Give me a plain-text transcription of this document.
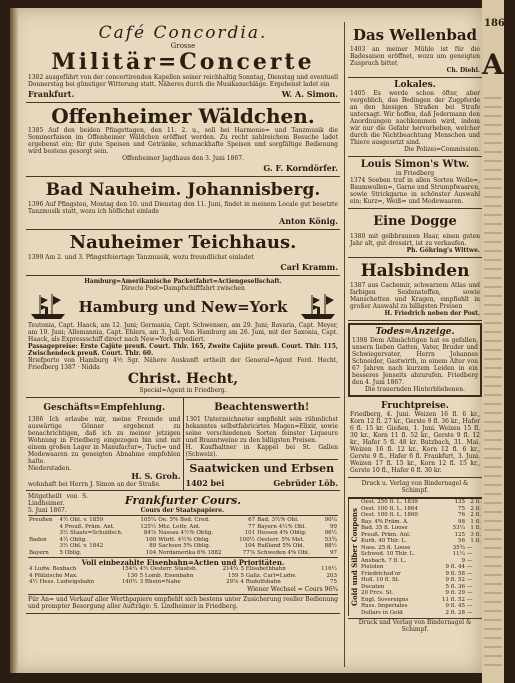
Café Concordia.
Grosse
Militär=Concerte
1302 ausgeführt von der concertirenden Kapellen seiner reichhaltig Sonntag, Dienstag und eventuell Donnerstag bei günstiger Witterung statt. Näheres durch die Musikanschläge. Ergebenst ladet ein
Frankfurt.	W. A. Simon.
Offenheimer Wäldchen.
1385 Auf den beiden Pfingsttagen, den 11. 2. u., soll bei Harmonie= und Tanzmusik die Sommerfaison im Offenheimer Wäldchen eröffnet werden. Zu recht zahlreichem Besuche ladet ergebenst ein; für gute Speisen und Getränke, schmackhafte Speisen und sorgfältige Bedienung wird bestens gesorgt sein.
Offenheimer Jagdhaus den 3. Juni 1867.
G. F. Korndörfer.
Bad Nauheim. Johannisberg.
1396 Auf Pfingsten, Montag den 10. und Dienstag den 11. Juni, findet in meinem Locale gut besetzte Tanzmusik statt, wozu ich höflichst einlade
Anton König.
Nauheimer Teichhaus.
1399 Am 2. und 3. Pfingstfeiertage Tanzmusik, wozu freundlichst einladet
Carl Kramm.
Hamburg=Amerikanische Packetfahrt=Actiengesellschaft.
Directe Post=Dampfschifffahrt zwischen
Hamburg und New=York
Teutonia, Capt. Haack, am 12. Juni; Germania, Capt. Schwensen, am 29. Juni; Bavaria, Capt. Meyer, am 19. Juni; Allemannia, Capt. Ehlers, am 3. Juli. Von Hamburg am 26. Juni, mit der Saxonia, Capt. Haack, als Expressschiff direct nach New=York erpediert.
Passagepreise: Erste Cajüte preuß. Court. Thlr. 165, Zweite Cajüte preuß. Court. Thlr. 115, Zwischendeck preuß. Court. Thlr. 60.
Briefporto von Hamburg 4½ Sgr. Nähere Auskunft ertheilt der General=Agent Ferd. Hecht, Friedberg 1387 · Nidda
Christ. Hecht,
Special=Agent in Friedberg.
Geschäfts=Empfehlung.
1386 Ich erlaube mir, meine Freunde und auswärtige Gönner ergebenst zu benachrichtigen, daß ich zu meiner jetzigen Wohnung in Friedberg eingezogen bin und mit einem großen Lager in Manufactur=, Tuch= und Modewaaren zu geneigten Abnahme empfohlen halte.
Niederstaden.
H. S. Groh.
wohnhaft bei Herrn J. Simon an der Straße.
Beachtenswerth!
1301 Unterzeichneter empfiehlt sein rühmlichst bekanntes selbstfabricirtes Magen=Elixir, sowie seine verschiedenen Sorten feinster Liqueure und Branntweine zu den billigsten Preisen.
H. Kaufhaltner in Kappel bei St. Gallen (Schweiz).
Saatwicken und Erbsen
1402 bei	Gebrüder Löb.
Mitgetheilt von S. Lindheimer.	Frankfurter Cours.
5. Juni 1867.	Cours der Staatspapiere.
Preußen	4½ Obl. v. 1859	105¼	Oe. 5% Bod. Cred.	67	Bad. 3½% Obl.	90¼
	4 Preuß. Präm. Ant.	125½	Mtz. Lottr. Anl.	77	Bayern 4½% Obl.	99
	3½ Staats=Schuldsch.	84⅞	Nassau 4½% Oblig.	101	Hessen 4% Oblig.	96½
Baden	4½ Oblig.	100	Württ. 4½% Oblig.	100½	Oesterr. 5% Met.	53¾
	3½ Obl. v. 1842	89	Sachsen 5% Oblig.	104	Rußland 5% Obl.	88½
Bayern	5 Oblig.	104	Nordamerika 6% 1882	77⅞	Schweden 4% Obl.	97
Voll einbezahlte Eisenbahn=Actien und Prioritäten.
4 Ludw. Bexbach	154¼	4½ Oesterr. Staatsb.	214¾	5 Elisabethbahn	116½
4 Pfälzische Max.	130	5 Lomb. Eisenbahn	159	5 Galiz. Carl=Ludw.	203
4½ Hess. Ludwigsbahn	140½	3 Rhein=Nahe	29⅞	4 Rudolfsbahn	75
Wiener Wechsel = Cours 96¾
Für An= und Verkauf aller Werthpapiere empfiehlt sich bestens unter Zusicherung reeller Bedienung und prompter Besorgung aller Aufträge: S. Lindheimer in Friedberg.
Das Wellenbad
1403 an meiner Mühle ist für die Badesaison eröffnet, wozu um geneigten Zuspruch bittet
Ch. Diehl.
Lokales.
1405 Es werde schon öfter, aber vergeblich, das Bedingen der Zugpferde an den hiesigen Straßen bei Strafe untersagt. Wir hoffen, daß Jedermann den Anordnungen nachkommen wird, indem wir nur die Gefahr hervorheben, welcher durch die Nichtbeachtung Menschen und Thiere ausgesetzt sind.
Die Polizei=Commission.
Louis Simon's Wtw.
in Friedberg
1374 Soeben traf in allen Sorten Wolle=, Baumwollen=, Garne und Strumpfwaaren, sowie Strickgarne in schönster Auswahl ein; Kurz=, Weiß= und Modewaaren.
Eine Dogge
1380 mit gelbbraunen Haar, einen guten Jahr alt, gut dressirt, ist zu verkaufen.
Ph. Göhring's Wittwe.
Halsbinden
1387 aus Cachemir, schwarzem Atlas und farbigen Seidenstoffen, sowie Manschetten und Kragen, empfiehlt in großer Auswahl zu billigsten Preisen
H. Friedrich neben der Post.
Todes=Anzeige.
1398 Dem Allmächtigen hat es gefallen, unsern lieben Gatten, Vater, Bruder und Schwiegervater, Herrn Johannes Schneider, Gastwirth, in einem Alter von 67 Jahren nach kurzem Leiden in ein besseres Jenseits abzurufen. Friedberg den 4. Juni 1867.
Die trauernden Hinterbliebenen.
Fruchtpreise.
Friedberg, 4. Juni. Weizen 16 fl. 6 kr., Korn 12 fl. 27 kr., Gerste 9 fl. 36 kr., Hafer 6 fl. 15 kr. Gießen, 1. Juni. Weizen 15 fl. 30 kr., Korn 11 fl. 52 kr., Gerste 9 fl. 12 kr., Hafer 5 fl. 48 kr. Butzbach, 31. Mai. Weizen 16 fl. 12 kr., Korn 12 fl. 6 kr., Gerste 9 fl., Hafer 6 fl. Frankfurt, 3. Juni. Weizen 17 fl. 15 kr., Korn 12 fl. 15 kr., Gerste 10 fl., Hafer 6 fl. 30 kr.
Druck u. Verlag von Bindernagel & Schimpf.
Gold und Silber Coupons
Oest. 250 fl. L. 1839	135	2 fl.
Oest. 100 fl. L. 1864	75	2 fl.
Oest. 100 fl. L. 1860	76	2 fl.
Bay. 4% Präm. A.	98	1 fl.
Bad. 35 fl. Loose	53¼	1 fl.
Preuß. Präm. Anl.	125	3 fl.
Kurh. 40 Thlr. L.	56	1 fl.
Nass. 25 fl. Loose	35¾	—
Schwed. 10 Thlr. L.	11¼	—
Ansbach. 7 fl. L.	9	—
Pistolen	9 fl. 44	—
Friedrichsd'or	9 fl. 58	—
Holl. 10 fl. St.	9 fl. 52	—
Ducaten	5 fl. 36	—
20 Frcs. St.	9 fl. 29	—
Engl. Sovereigns	11 fl. 52	—
Russ. Imperiales	9 fl. 45	—
Dollars in Gold	2 fl. 28	—
Druck und Verlag von Bindernagel & Schimpf.
1867.
A
